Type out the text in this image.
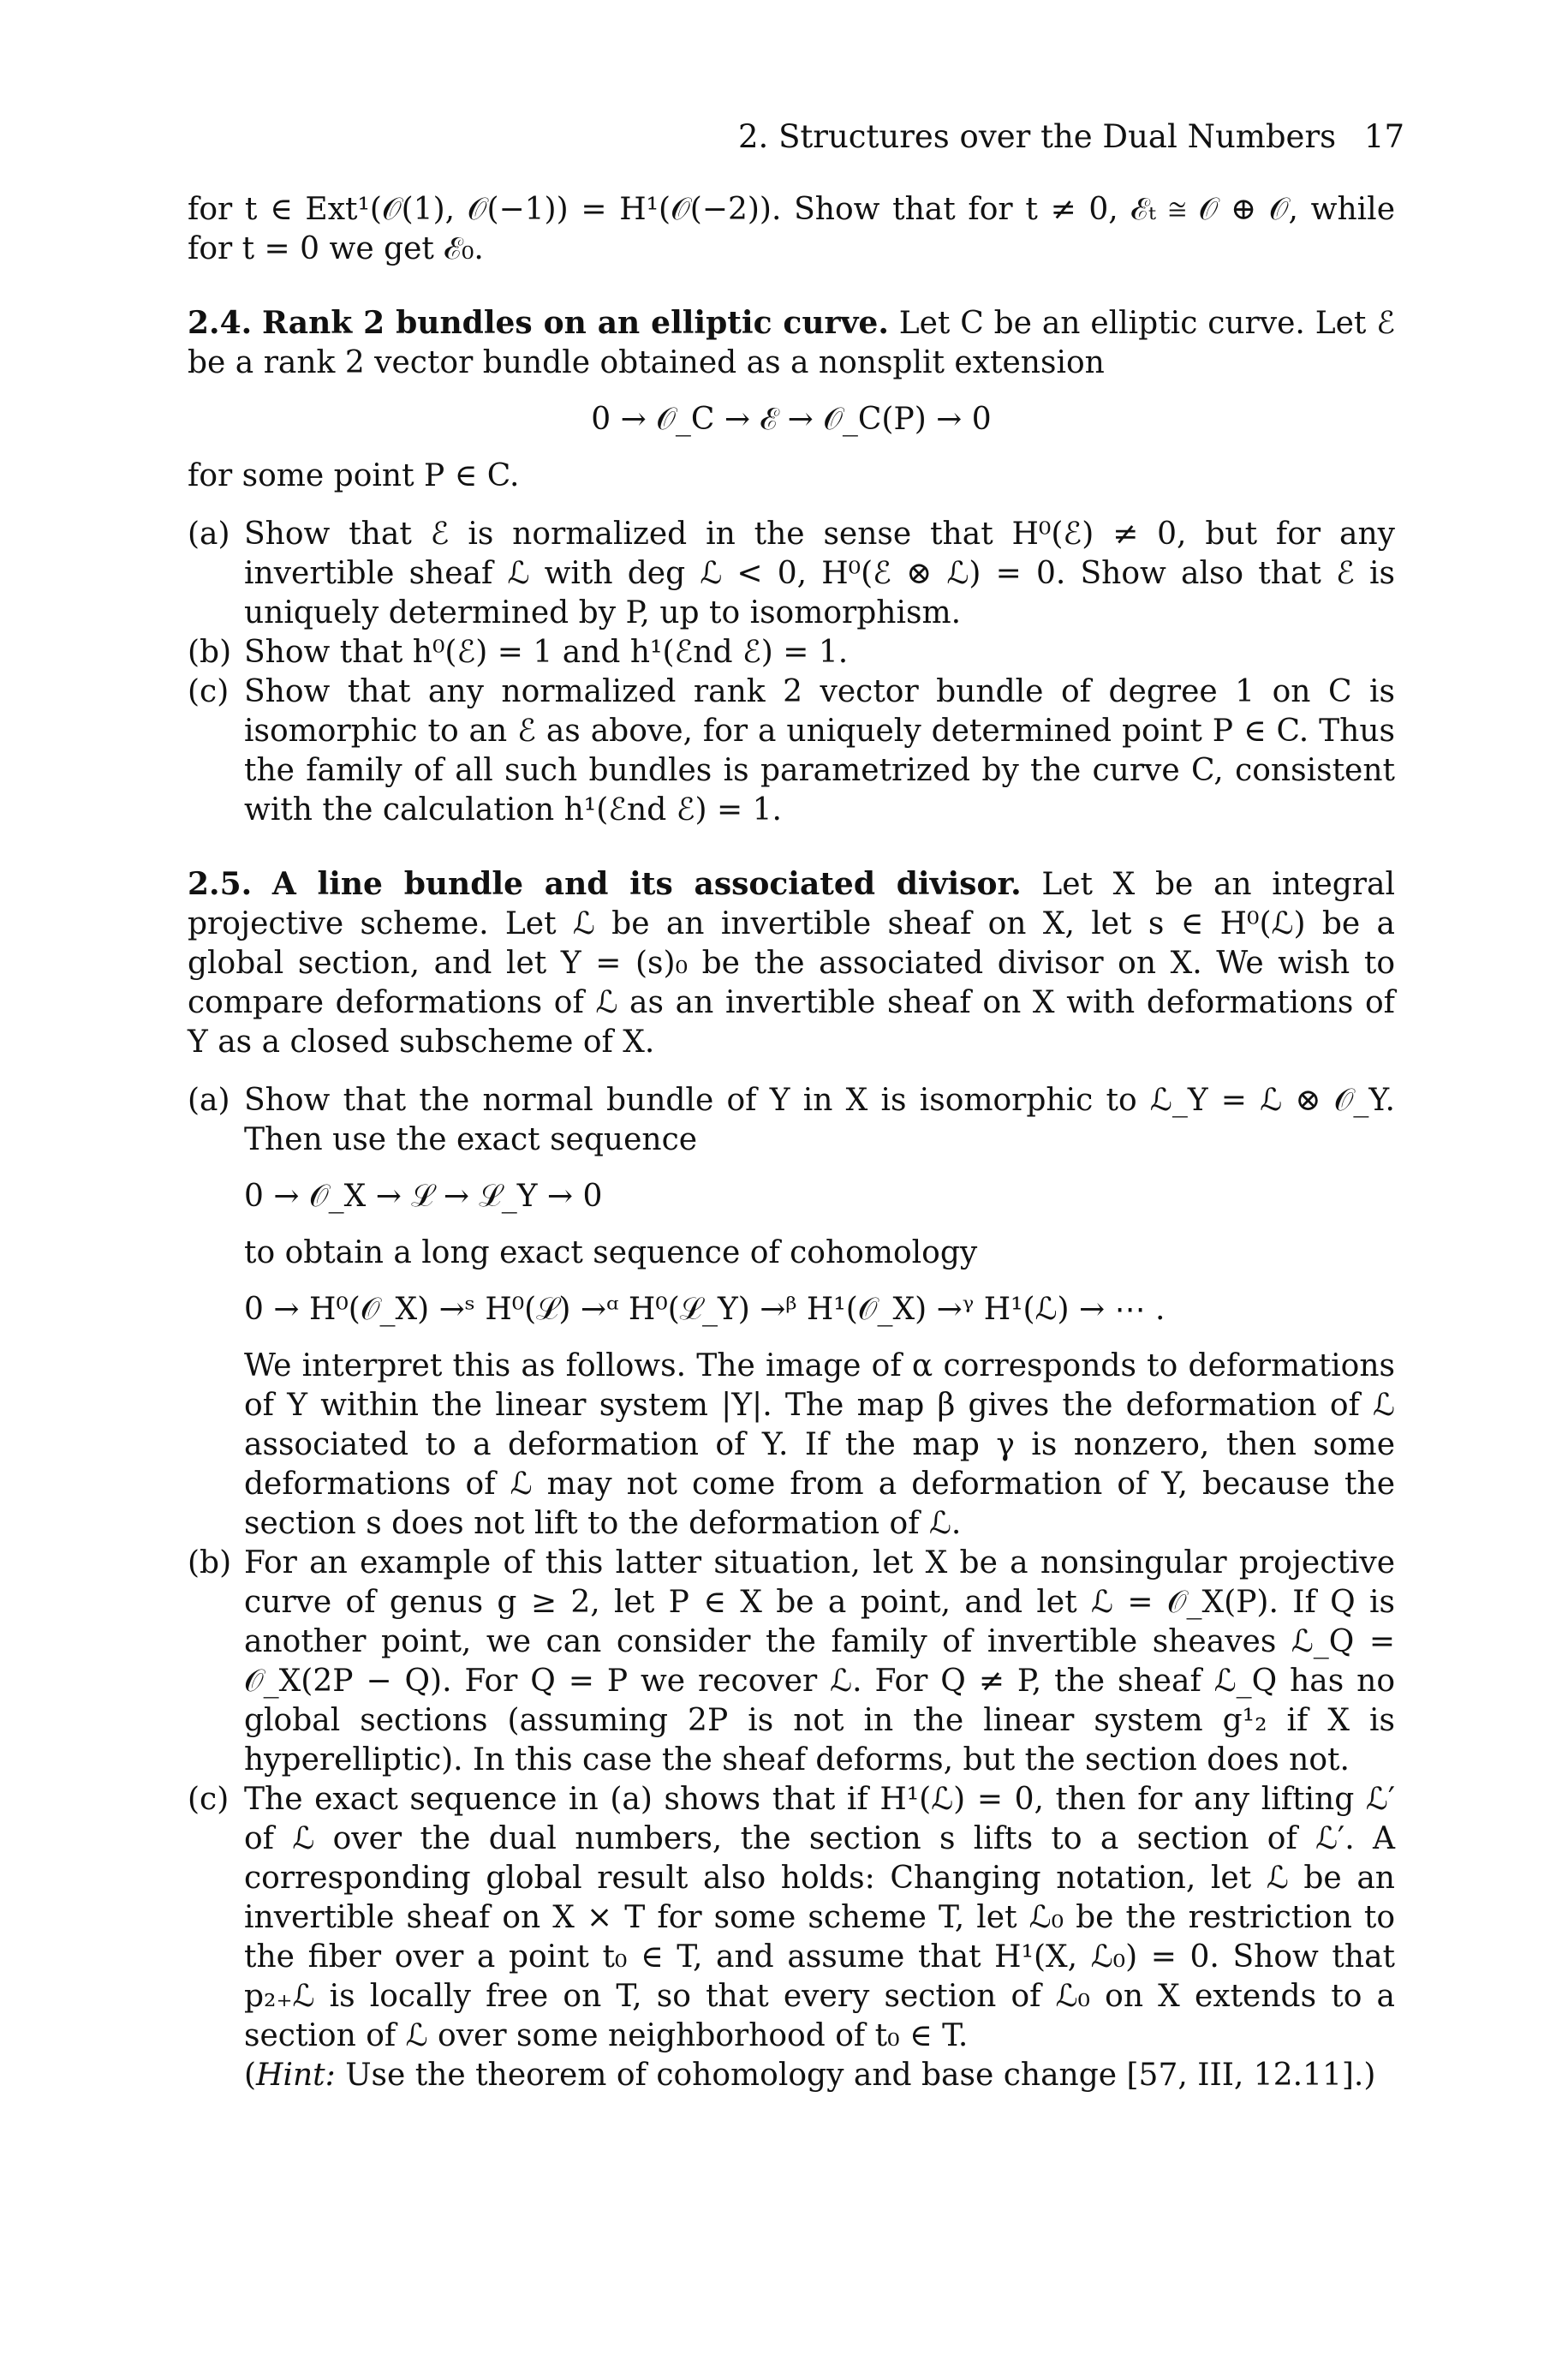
2. Structures over the Dual Numbers 17

for t ∈ Ext¹(𝒪(1), 𝒪(−1)) = H¹(𝒪(−2)). Show that for t ≠ 0, ℰₜ ≅ 𝒪 ⊕ 𝒪, while for t = 0 we get ℰ₀.

2.4. Rank 2 bundles on an elliptic curve. Let C be an elliptic curve. Let ℰ be a rank 2 vector bundle obtained as a nonsplit extension

0 → 𝒪_C → ℰ → 𝒪_C(P) → 0

for some point P ∈ C.

(a) Show that ℰ is normalized in the sense that H⁰(ℰ) ≠ 0, but for any invertible sheaf ℒ with deg ℒ < 0, H⁰(ℰ ⊗ ℒ) = 0. Show also that ℰ is uniquely determined by P, up to isomorphism.

(b) Show that h⁰(ℰ) = 1 and h¹(ℰnd ℰ) = 1.

(c) Show that any normalized rank 2 vector bundle of degree 1 on C is isomorphic to an ℰ as above, for a uniquely determined point P ∈ C. Thus the family of all such bundles is parametrized by the curve C, consistent with the calculation h¹(ℰnd ℰ) = 1.

2.5. A line bundle and its associated divisor. Let X be an integral projective scheme. Let ℒ be an invertible sheaf on X, let s ∈ H⁰(ℒ) be a global section, and let Y = (s)₀ be the associated divisor on X. We wish to compare deformations of ℒ as an invertible sheaf on X with deformations of Y as a closed subscheme of X.

(a) Show that the normal bundle of Y in X is isomorphic to ℒ_Y = ℒ ⊗ 𝒪_Y. Then use the exact sequence

0 → 𝒪_X → ℒ → ℒ_Y → 0

to obtain a long exact sequence of cohomology

0 → H⁰(𝒪_X) →ˢ H⁰(ℒ) →ᵅ H⁰(ℒ_Y) →ᵝ H¹(𝒪_X) →ᵞ H¹(ℒ) → ⋯ .

We interpret this as follows. The image of α corresponds to deformations of Y within the linear system |Y|. The map β gives the deformation of ℒ associated to a deformation of Y. If the map γ is nonzero, then some deformations of ℒ may not come from a deformation of Y, because the section s does not lift to the deformation of ℒ.

(b) For an example of this latter situation, let X be a nonsingular projective curve of genus g ≥ 2, let P ∈ X be a point, and let ℒ = 𝒪_X(P). If Q is another point, we can consider the family of invertible sheaves ℒ_Q = 𝒪_X(2P − Q). For Q = P we recover ℒ. For Q ≠ P, the sheaf ℒ_Q has no global sections (assuming 2P is not in the linear system g¹₂ if X is hyperelliptic). In this case the sheaf deforms, but the section does not.

(c) The exact sequence in (a) shows that if H¹(ℒ) = 0, then for any lifting ℒ′ of ℒ over the dual numbers, the section s lifts to a section of ℒ′. A corresponding global result also holds: Changing notation, let ℒ be an invertible sheaf on X × T for some scheme T, let ℒ₀ be the restriction to the fiber over a point t₀ ∈ T, and assume that H¹(X, ℒ₀) = 0. Show that p₂₊ℒ is locally free on T, so that every section of ℒ₀ on X extends to a section of ℒ over some neighborhood of t₀ ∈ T.
(Hint: Use the theorem of cohomology and base change [57, III, 12.11].)
